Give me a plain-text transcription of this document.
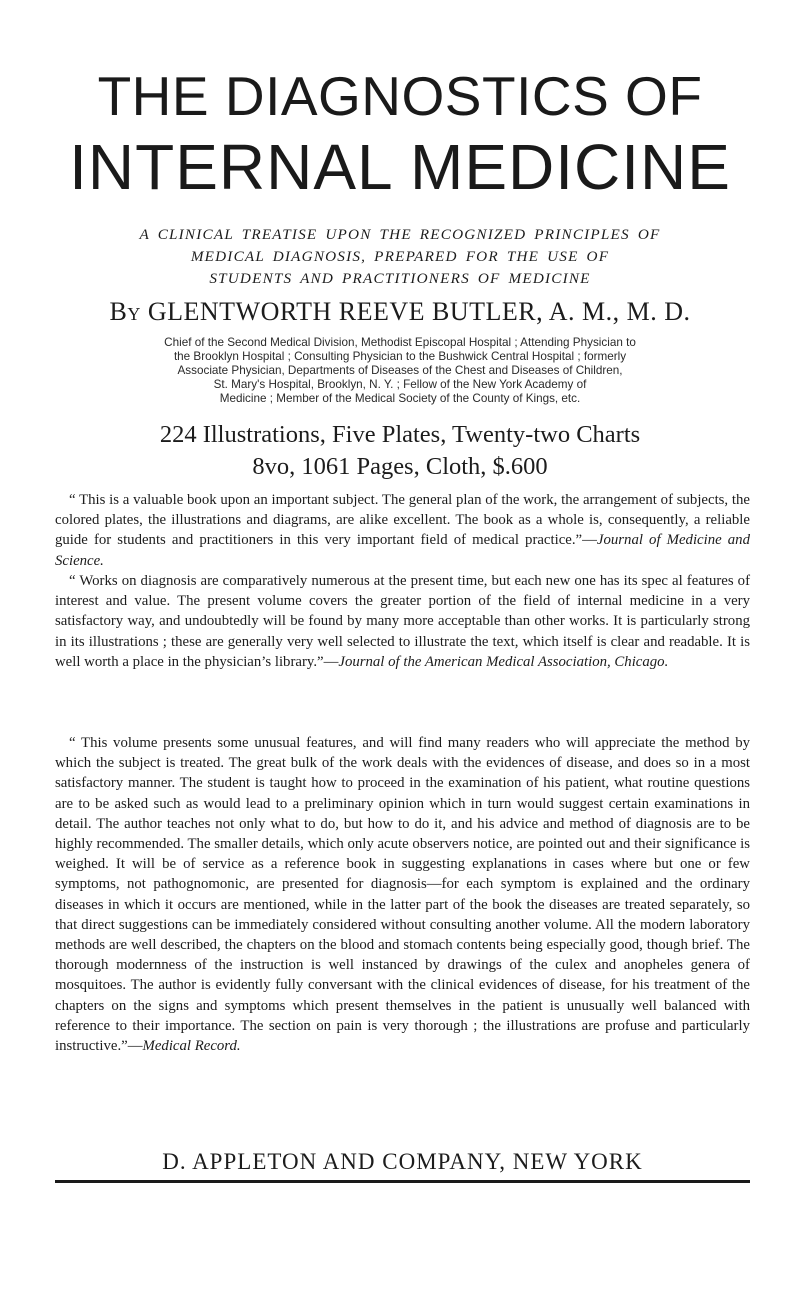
THE DIAGNOSTICS OF
INTERNAL MEDICINE
A CLINICAL TREATISE UPON THE RECOGNIZED PRINCIPLES OF
MEDICAL DIAGNOSIS, PREPARED FOR THE USE OF
STUDENTS AND PRACTITIONERS OF MEDICINE
By GLENTWORTH REEVE BUTLER, A. M., M. D.
Chief of the Second Medical Division, Methodist Episcopal Hospital ; Attending Physician to
the Brooklyn Hospital ; Consulting Physician to the Bushwick Central Hospital ; formerly
Associate Physician, Departments of Diseases of the Chest and Diseases of Children,
St. Mary's Hospital, Brooklyn, N. Y. ; Fellow of the New York Academy of
Medicine ; Member of the Medical Society of the County of Kings, etc.
224 Illustrations, Five Plates, Twenty-two Charts
8vo, 1061 Pages, Cloth, $.600

“ This is a valuable book upon an important subject. The general plan of the work, the arrangement of subjects, the colored plates, the illustrations and diagrams, are alike excellent. The book as a whole is, consequently, a reliable guide for students and practitioners in this very important field of medical practice.”—Journal of Medicine and Science.

“ Works on diagnosis are comparatively numerous at the present time, but each new one has its spec al features of interest and value. The present volume covers the greater portion of the field of internal medicine in a very satisfactory way, and undoubtedly will be found by many more acceptable than other works. It is particularly strong in its illustrations ; these are generally very well selected to illustrate the text, which itself is clear and readable. It is well worth a place in the physician’s library.”—Journal of the American Medical Association, Chicago.

“ This volume presents some unusual features, and will find many readers who will appreciate the method by which the subject is treated. The great bulk of the work deals with the evidences of disease, and does so in a most satisfactory manner. The student is taught how to proceed in the examination of his patient, what routine questions are to be asked such as would lead to a preliminary opinion which in turn would suggest certain examinations in detail. The author teaches not only what to do, but how to do it, and his advice and method of diagnosis are to be highly recommended. The smaller details, which only acute observers notice, are pointed out and their significance is weighed. It will be of service as a reference book in suggesting explanations in cases where but one or few symptoms, not pathognomonic, are presented for diagnosis—for each symptom is explained and the ordinary diseases in which it occurs are mentioned, while in the latter part of the book the diseases are treated separately, so that direct suggestions can be immediately considered without consulting another volume. All the modern laboratory methods are well described, the chapters on the blood and stomach contents being especially good, though brief. The thorough modernness of the instruction is well instanced by drawings of the culex and anopheles genera of mosquitoes. The author is evidently fully conversant with the clinical evidences of disease, for his treatment of the chapters on the signs and symptoms which present themselves in the patient is unusually well balanced with reference to their importance. The section on pain is very thorough ; the illustrations are profuse and particularly instructive.”—Medical Record.

D. APPLETON AND COMPANY, NEW YORK
